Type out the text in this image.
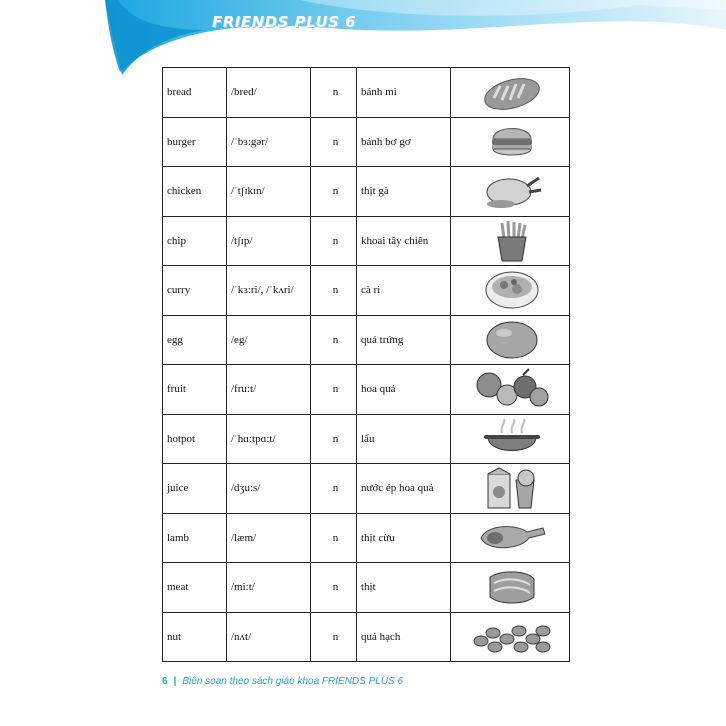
FRIENDS PLUS 6
bread	/bred/	n	bánh mì	

burger	/ˈbɜ:gər/	n	bánh bơ gơ	

chicken	/ˈtʃɪkɪn/	n	thịt gà	

chip	/tʃɪp/	n	khoai tây chiên	

curry	/ˈkɜ:ri/, /ˈkʌri/	n	cà ri	

egg	/eg/	n	quả trứng	

fruit	/fru:t/	n	hoa quả	

hotpot	/ˈhɑ:tpɑ:t/	n	lẩu	

juice	/dʒu:s/	n	nước ép hoa quả	

lamb	/læm/	n	thịt cừu	

meat	/mi:t/	n	thịt	

nut	/nʌt/	n	quả hạch	
6 | Biên soạn theo sách giáo khoa FRIENDS PLUS 6
